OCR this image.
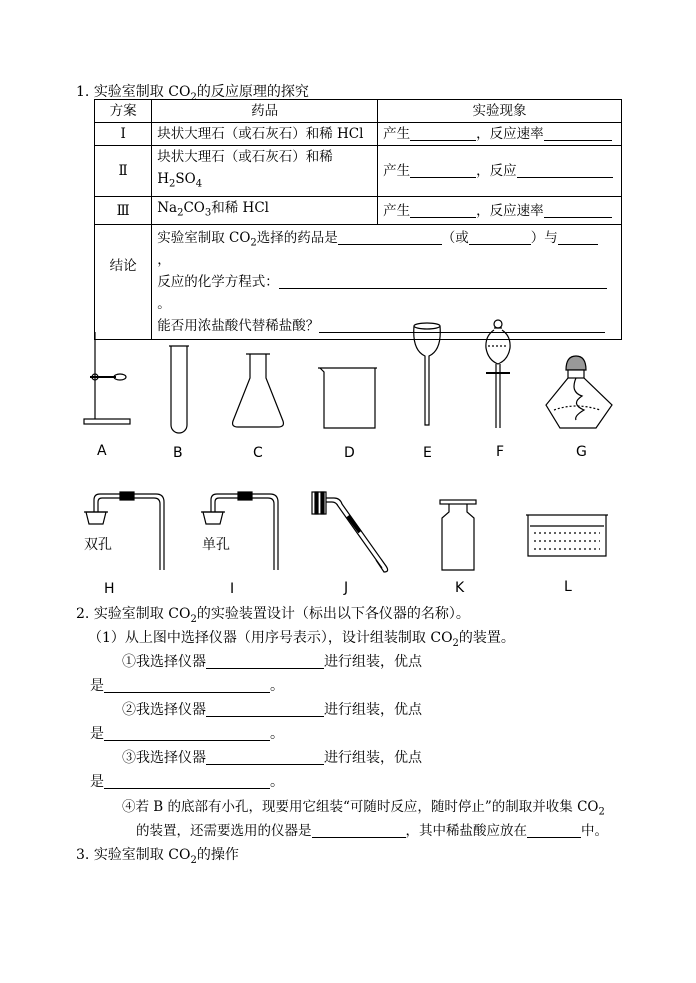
1. 实验室制取 $CO_2$的反应原理的探究
方案	药品	实验现象
Ⅰ	块状大理石（或石灰石）和稀 HCl	产生 ，反应速率
Ⅱ	块状大理石（或石灰石）和稀 $H_2SO_4$	产生 ，反应
Ⅲ	$Na_2CO_3$和稀 HCl	产生 ，反应速率
结论	实验室制取 $CO_2$选择的药品是 （或 ）与
，
反应的化学方程式：
。
能否用浓盐酸代替稀盐酸？	
A	B	C	D	E	F	G
H	I	J	K	L
双孔	单孔
2. 实验室制取 $CO_2$的实验装置设计（标出以下各仪器的名称）。
（1）从上图中选择仪器（用序号表示），设计组装制取 $CO_2$的装置。
①我选择仪器	进行组装，优点
是	。
②我选择仪器	进行组装，优点
是	。
③我选择仪器	进行组装，优点
是	。
④若 B 的底部有小孔，现要用它组装“可随时反应，随时停止”的制取并收集 $CO_2$
的装置，还需要选用的仪器是	，其中稀盐酸应放在	中。
3. 实验室制取 $CO_2$的操作
